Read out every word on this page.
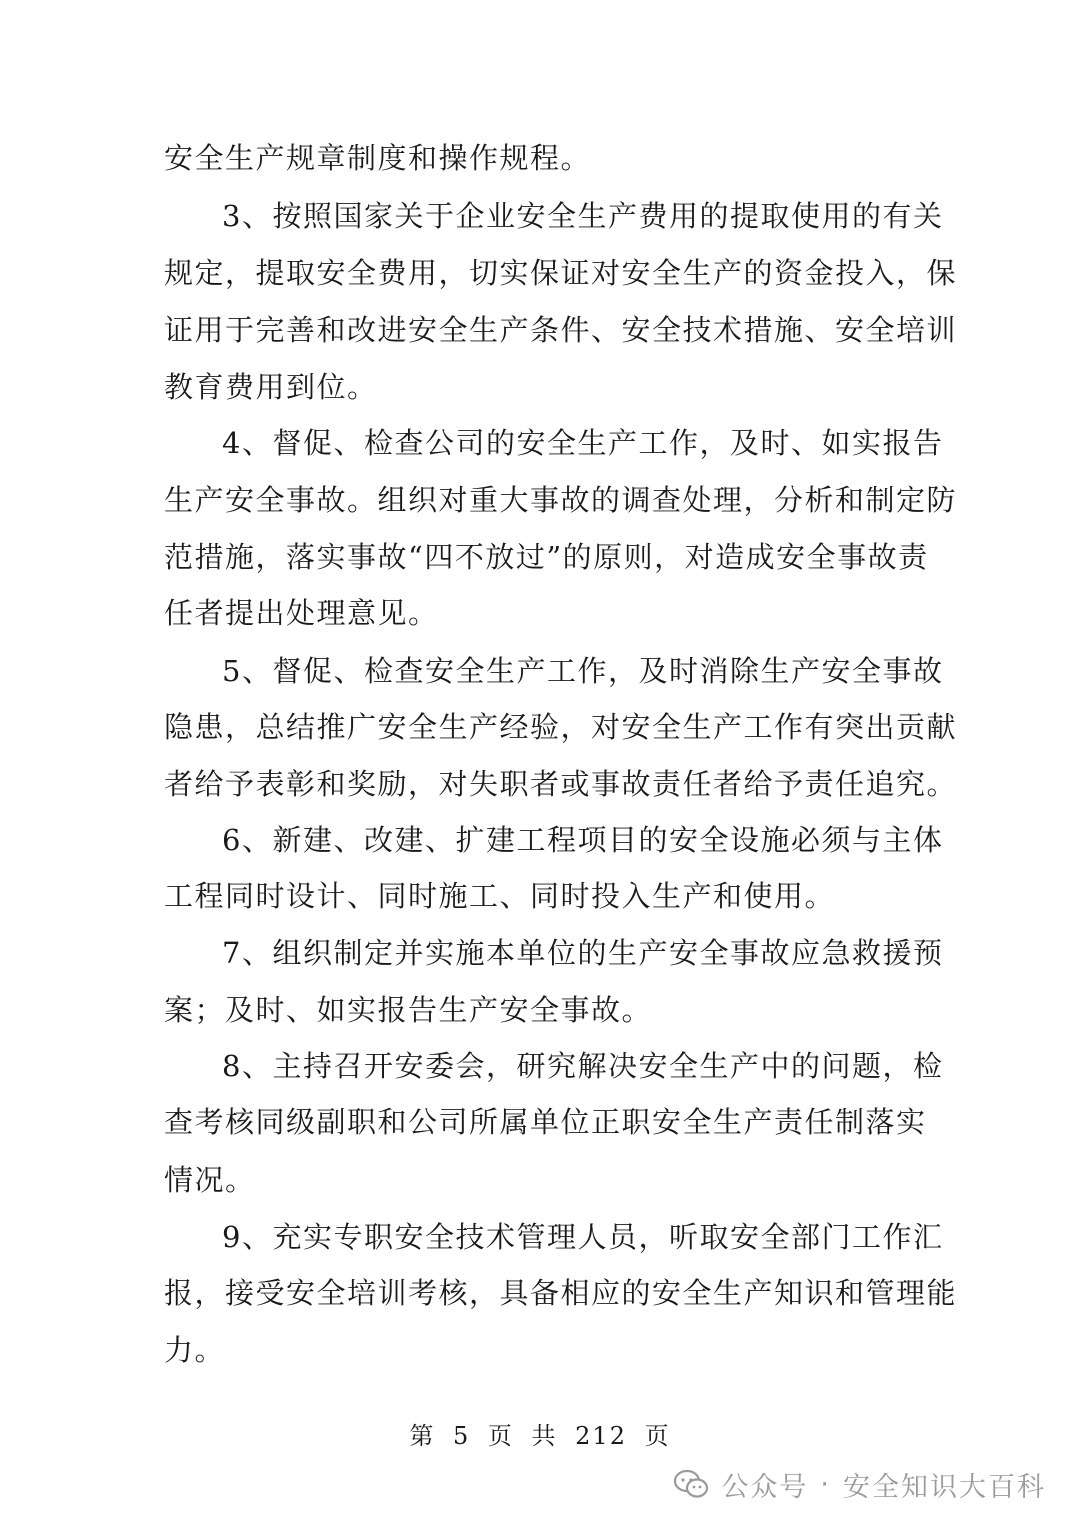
安全生产规章制度和操作规程。
3、按照国家关于企业安全生产费用的提取使用的有关
规定，提取安全费用，切实保证对安全生产的资金投入，保
证用于完善和改进安全生产条件、安全技术措施、安全培训
教育费用到位。
4、督促、检查公司的安全生产工作，及时、如实报告
生产安全事故。组织对重大事故的调查处理，分析和制定防
范措施，落实事故“四不放过”的原则，对造成安全事故责
任者提出处理意见。
5、督促、检查安全生产工作，及时消除生产安全事故
隐患，总结推广安全生产经验，对安全生产工作有突出贡献
者给予表彰和奖励，对失职者或事故责任者给予责任追究。
6、新建、改建、扩建工程项目的安全设施必须与主体
工程同时设计、同时施工、同时投入生产和使用。
7、组织制定并实施本单位的生产安全事故应急救援预
案；及时、如实报告生产安全事故。
8、主持召开安委会，研究解决安全生产中的问题，检
查考核同级副职和公司所属单位正职安全生产责任制落实
情况。
9、充实专职安全技术管理人员，听取安全部门工作汇
报，接受安全培训考核，具备相应的安全生产知识和管理能
力。
第 5 页 共 212 页
公众号 · 安全知识大百科
